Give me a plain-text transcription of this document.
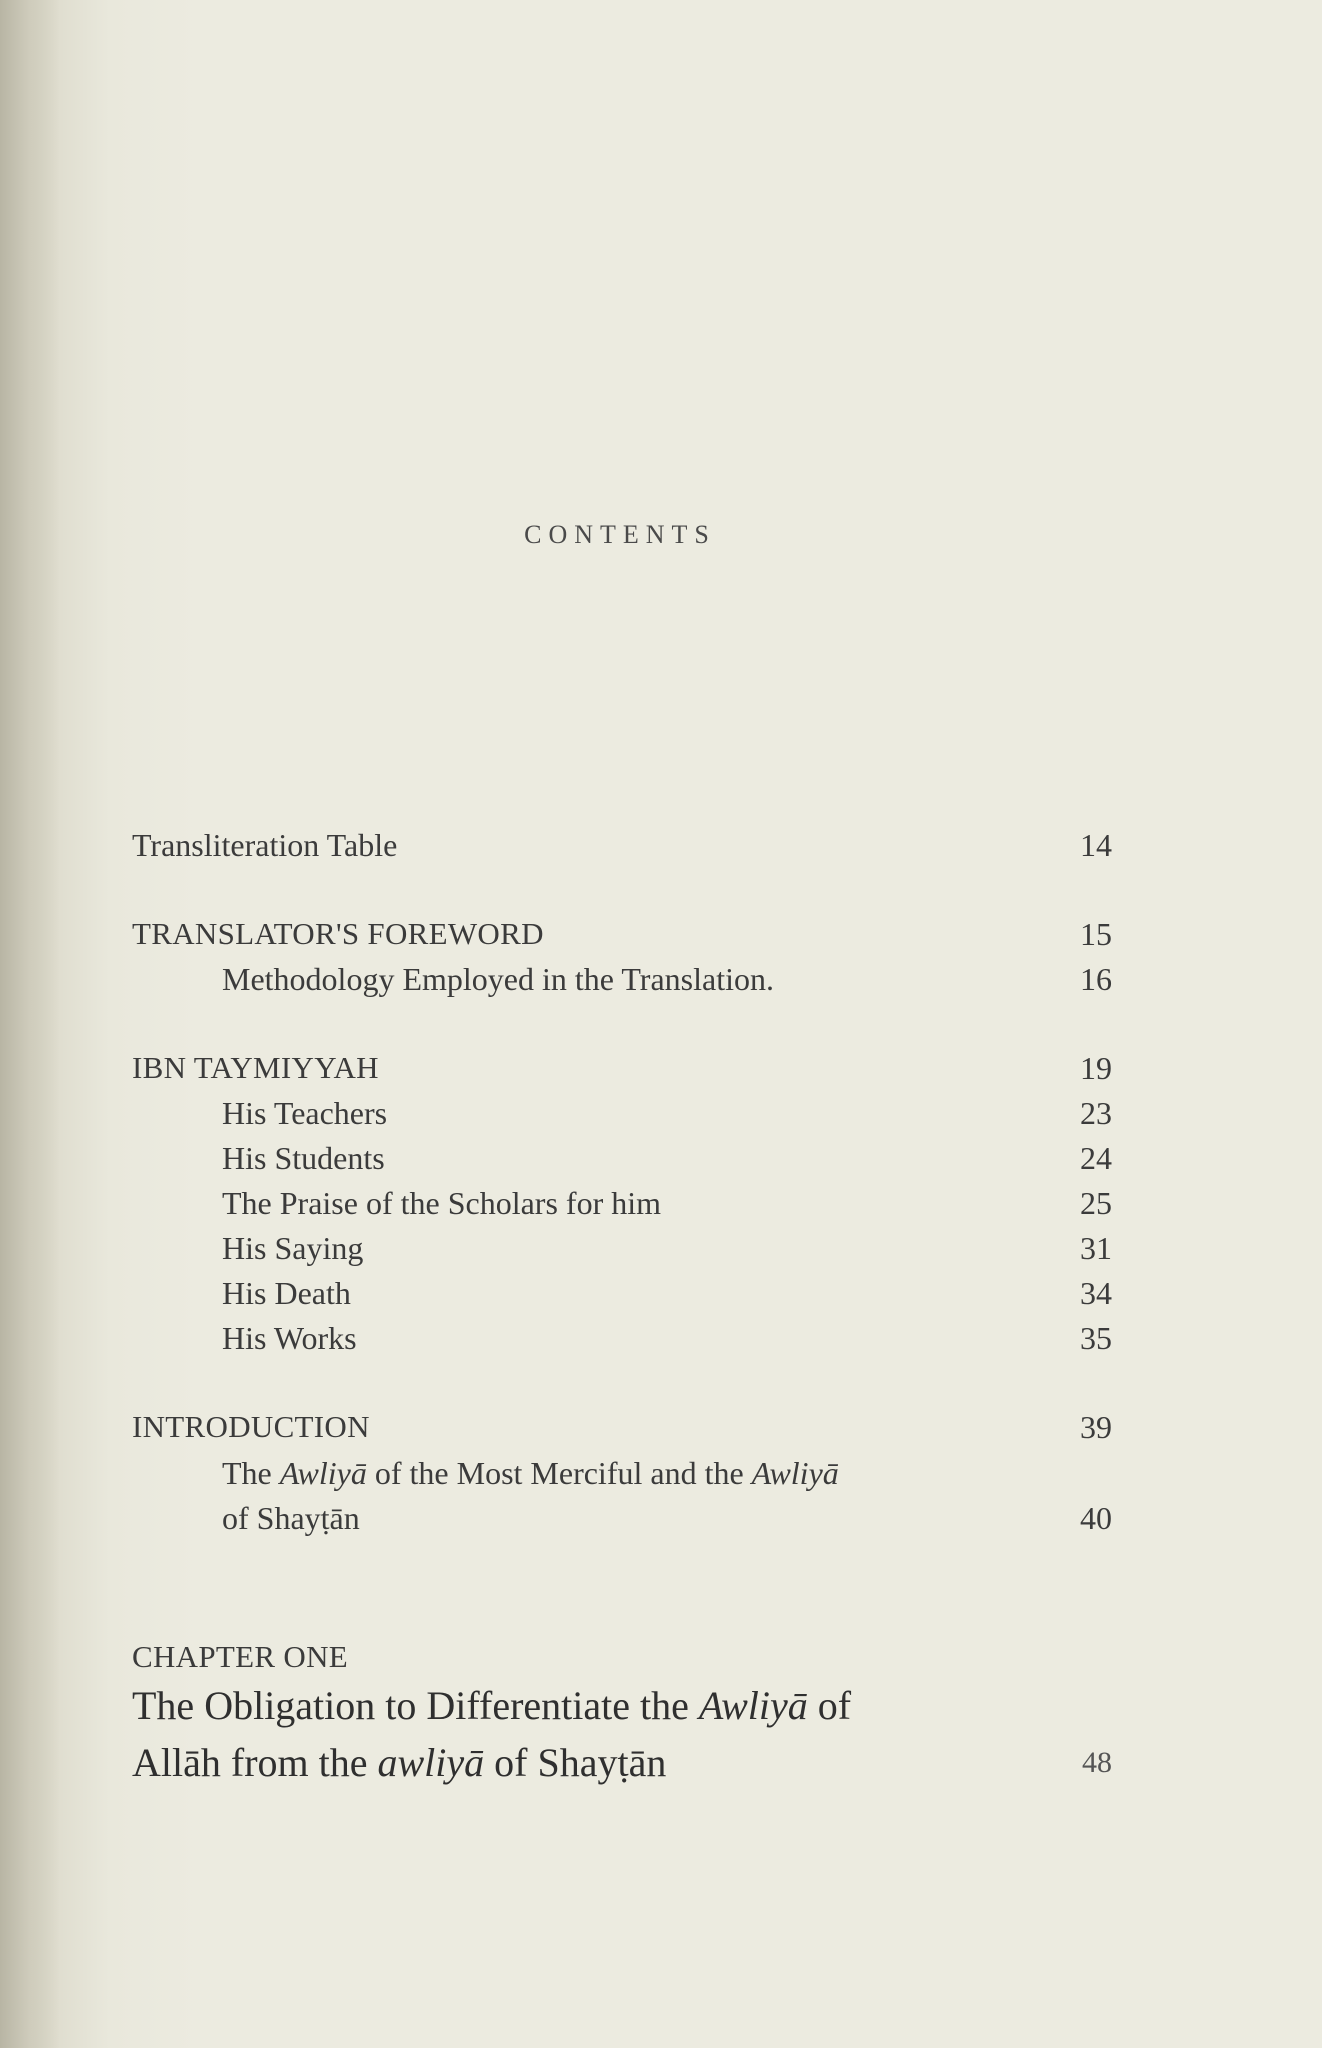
CONTENTS
Transliteration Table	14
TRANSLATOR'S FOREWORD	15
Methodology Employed in the Translation.	16
IBN TAYMIYYAH	19
His Teachers	23
His Students	24
The Praise of the Scholars for him	25
His Saying	31
His Death	34
His Works	35
INTRODUCTION	39
The Awliyā of the Most Merciful and the Awliyā
of Shayṭān	40
CHAPTER ONE
The Obligation to Differentiate the Awliyā of
Allāh from the awliyā of Shayṭān	48
